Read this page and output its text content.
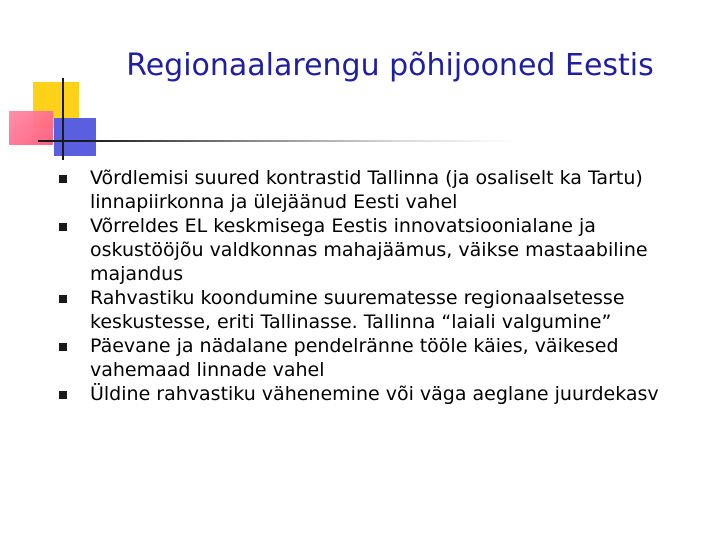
Regionaalarengu põhijooned Eestis
Võrdlemisi suured kontrastid Tallinna (ja osaliselt ka Tartu) linnapiirkonna ja ülejäänud Eesti vahel
Võrreldes EL keskmisega Eestis innovatsioonialane ja oskustööjõu valdkonnas mahajäämus, väikse mastaabiline majandus
Rahvastiku koondumine suurematesse regionaalsetesse keskustesse, eriti Tallinasse. Tallinna “laiali valgumine”
Päevane ja nädalane pendelränne tööle käies, väikesed vahemaad linnade vahel
Üldine rahvastiku vähenemine või väga aeglane juurdekasv
